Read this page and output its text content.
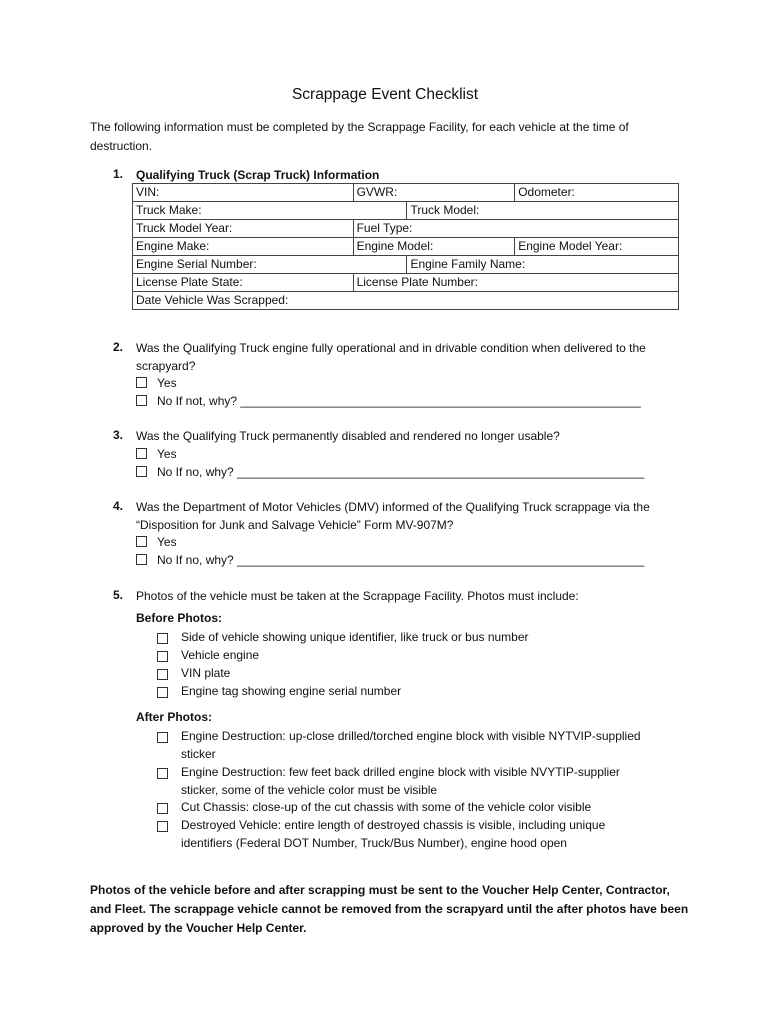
Scrappage Event Checklist
The following information must be completed by the Scrappage Facility, for each vehicle at the time of destruction.
1. Qualifying Truck (Scrap Truck) Information
VIN:	GVWR:		Odometer:
Truck Make:		Truck Model:	
Truck Model Year:	Fuel Type:		
Engine Make:	Engine Model:		Engine Model Year:
Engine Serial Number:		Engine Family Name:	
License Plate State:	License Plate Number:		
Date Vehicle Was Scrapped:			
2. Was the Qualifying Truck engine fully operational and in drivable condition when delivered to the scrapyard?
Yes
No If not, why? ____________________________________________________________
3. Was the Qualifying Truck permanently disabled and rendered no longer usable?
Yes
No If no, why? _____________________________________________________________
4. Was the Department of Motor Vehicles (DMV) informed of the Qualifying Truck scrappage via the “Disposition for Junk and Salvage Vehicle” Form MV-907M?
Yes
No If no, why? _____________________________________________________________
5. Photos of the vehicle must be taken at the Scrappage Facility. Photos must include:
Before Photos:
Side of vehicle showing unique identifier, like truck or bus number
Vehicle engine
VIN plate
Engine tag showing engine serial number
After Photos:
Engine Destruction: up-close drilled/torched engine block with visible NYTVIP-supplied sticker
Engine Destruction: few feet back drilled engine block with visible NVYTIP-supplier sticker, some of the vehicle color must be visible
Cut Chassis: close-up of the cut chassis with some of the vehicle color visible
Destroyed Vehicle: entire length of destroyed chassis is visible, including unique identifiers (Federal DOT Number, Truck/Bus Number), engine hood open
Photos of the vehicle before and after scrapping must be sent to the Voucher Help Center, Contractor, and Fleet. The scrappage vehicle cannot be removed from the scrapyard until the after photos have been approved by the Voucher Help Center.
